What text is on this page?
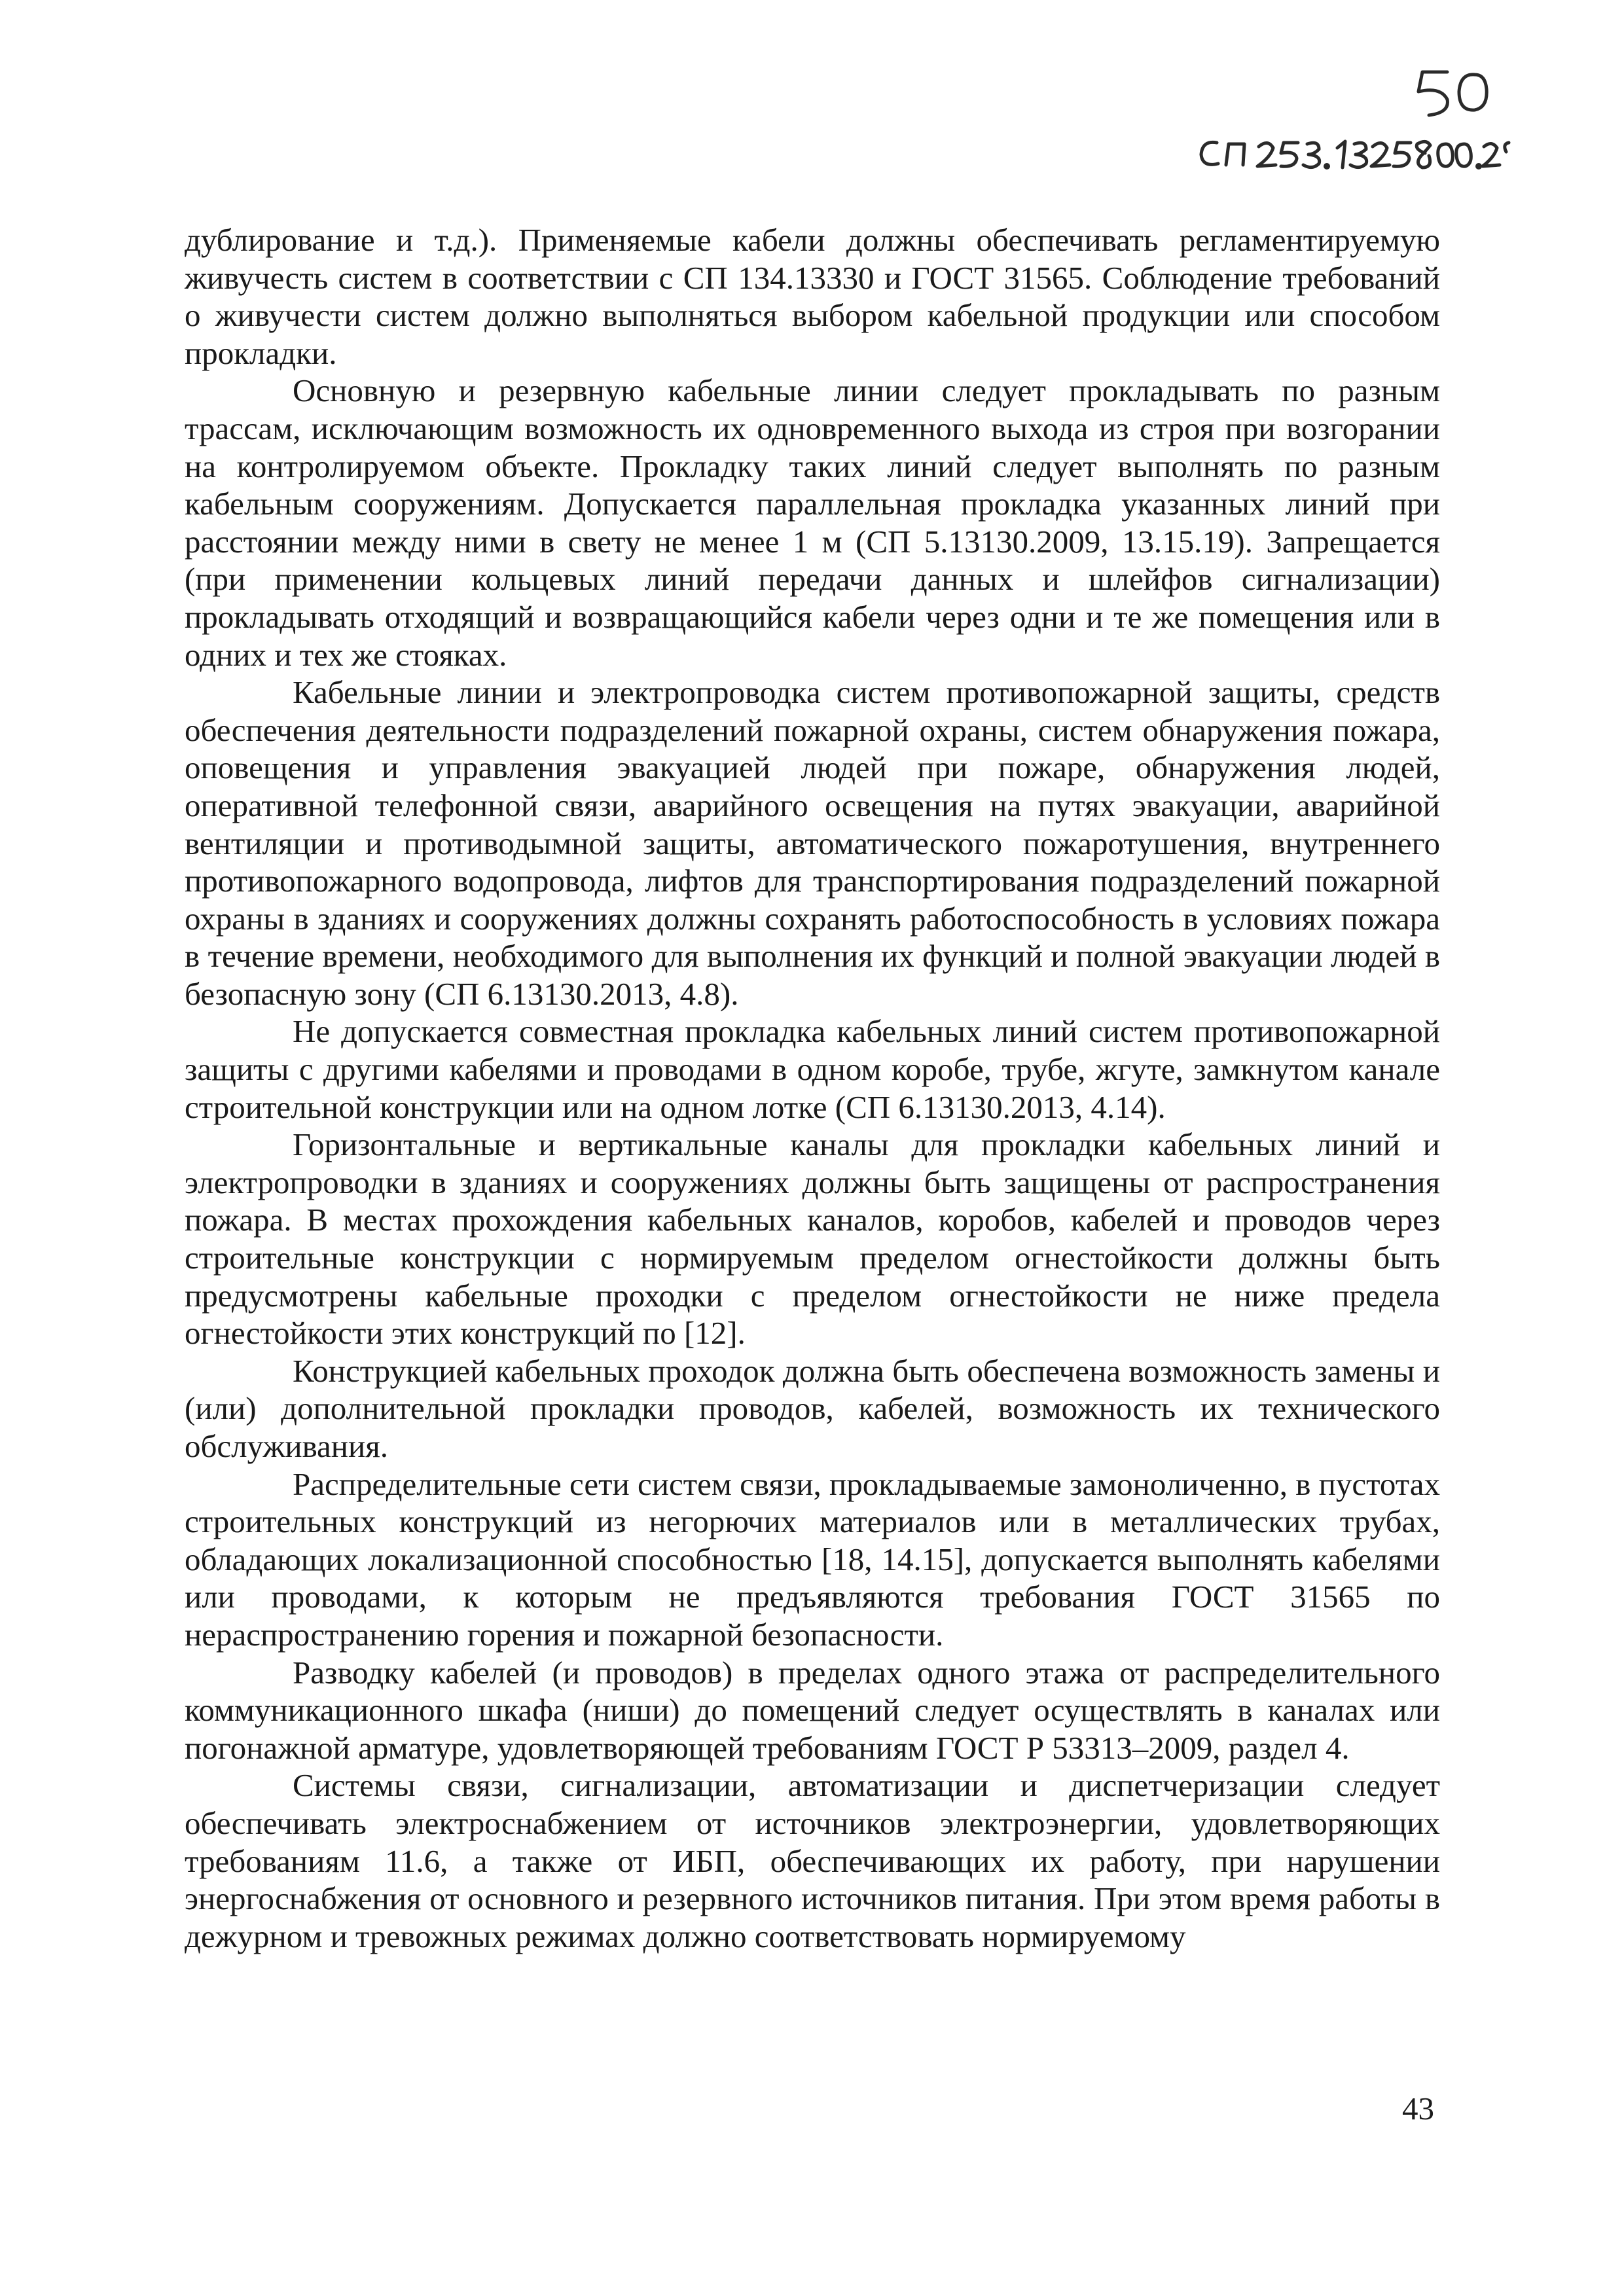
дублирование и т.д.). Применяемые кабели должны обеспечивать регламентируемую живучесть систем в соответствии с СП 134.13330 и ГОСТ 31565. Соблюдение требований о живучести систем должно выполняться выбором кабельной продукции или способом прокладки.

Основную и резервную кабельные линии следует прокладывать по разным трассам, исключающим возможность их одновременного выхода из строя при возгорании на контролируемом объекте. Прокладку таких линий следует выполнять по разным кабельным сооружениям. Допускается параллельная прокладка указанных линий при расстоянии между ними в свету не менее 1 м (СП 5.13130.2009, 13.15.19). Запрещается (при применении кольцевых линий передачи данных и шлейфов сигнализации) прокладывать отходящий и возвращающийся кабели через одни и те же помещения или в одних и тех же стояках.

Кабельные линии и электропроводка систем противопожарной защиты, средств обеспечения деятельности подразделений пожарной охраны, систем обнаружения пожара, оповещения и управления эвакуацией людей при пожаре, обнаружения людей, оперативной телефонной связи, аварийного освещения на путях эвакуации, аварийной вентиляции и противодымной защиты, автоматического пожаротушения, внутреннего противопожарного водопровода, лифтов для транспортирования подразделений пожарной охраны в зданиях и сооружениях должны сохранять работоспособность в условиях пожара в течение времени, необходимого для выполнения их функций и полной эвакуации людей в безопасную зону (СП 6.13130.2013, 4.8).

Не допускается совместная прокладка кабельных линий систем противопожарной защиты с другими кабелями и проводами в одном коробе, трубе, жгуте, замкнутом канале строительной конструкции или на одном лотке (СП 6.13130.2013, 4.14).

Горизонтальные и вертикальные каналы для прокладки кабельных линий и электропроводки в зданиях и сооружениях должны быть защищены от распространения пожара. В местах прохождения кабельных каналов, коробов, кабелей и проводов через строительные конструкции с нормируемым пределом огнестойкости должны быть предусмотрены кабельные проходки с пределом огнестойкости не ниже предела огнестойкости этих конструкций по [12].

Конструкцией кабельных проходок должна быть обеспечена возможность замены и (или) дополнительной прокладки проводов, кабелей, возможность их технического обслуживания.

Распределительные сети систем связи, прокладываемые замоноличенно, в пустотах строительных конструкций из негорючих материалов или в металлических трубах, обладающих локализационной способностью [18, 14.15], допускается выполнять кабелями или проводами, к которым не предъявляются требования ГОСТ 31565 по нераспространению горения и пожарной безопасности.

Разводку кабелей (и проводов) в пределах одного этажа от распределительного коммуникационного шкафа (ниши) до помещений следует осуществлять в каналах или погонажной арматуре, удовлетворяющей требованиям ГОСТ Р 53313–2009, раздел 4.

Системы связи, сигнализации, автоматизации и диспетчеризации следует обеспечивать электроснабжением от источников электроэнергии, удовлетворяющих требованиям 11.6, а также от ИБП, обеспечивающих их работу, при нарушении энергоснабжения от основного и резервного источников питания. При этом время работы в дежурном и тревожных режимах должно соответствовать нормируемому

43
